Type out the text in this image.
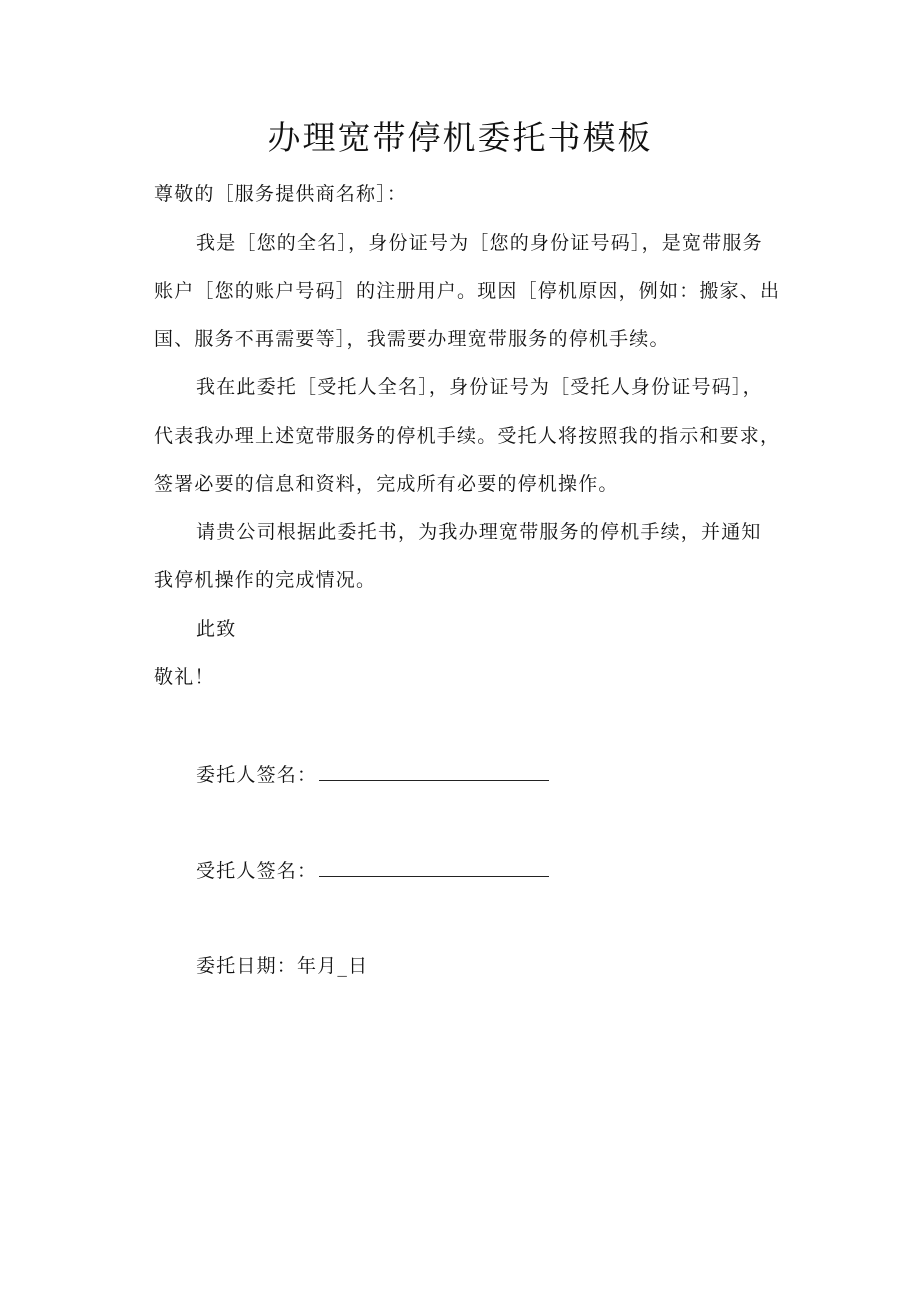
办理宽带停机委托书模板

尊敬的［服务提供商名称］：

我是［您的全名］，身份证号为［您的身份证号码］，是宽带服务

账户［您的账户号码］的注册用户。现因［停机原因，例如：搬家、出

国、服务不再需要等］，我需要办理宽带服务的停机手续。

我在此委托［受托人全名］，身份证号为［受托人身份证号码］，

代表我办理上述宽带服务的停机手续。受托人将按照我的指示和要求，

签署必要的信息和资料，完成所有必要的停机操作。

请贵公司根据此委托书，为我办理宽带服务的停机手续，并通知

我停机操作的完成情况。

此致

敬礼！

委托人签名：

受托人签名：

委托日期：年月_日
